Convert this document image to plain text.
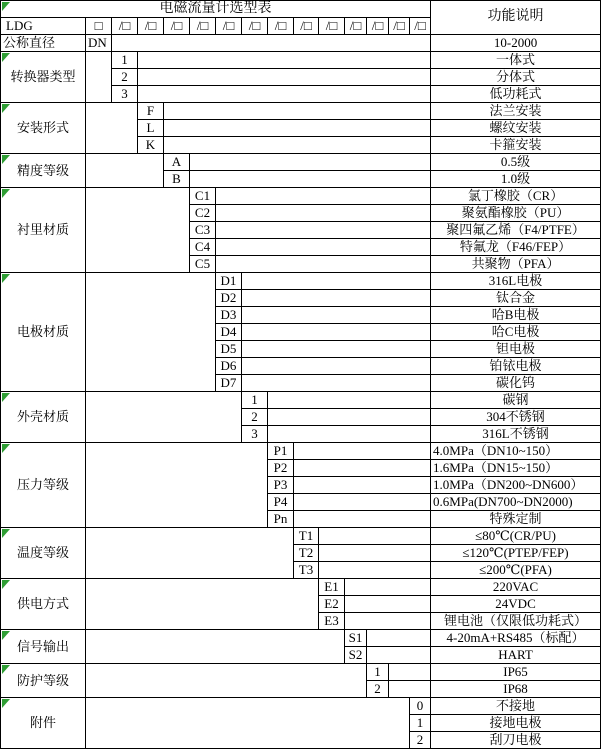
电磁流量计选型表															功能说明
LDG	□	/□	/□	/□	/□	/□	/□	/□	/□	/□	/□	/□	/□	/□	
公称直径	DN														10-2000

转换器类型		1													一体式
		2													分体式
		3													低功耗式

安装形式			F												法兰安装
			L												螺纹安装
			K												卡箍安装

精度等级				A											0.5级
				B											1.0级

衬里材质					C1										氯丁橡胶（CR）
					C2										聚氨酯橡胶（PU）
					C3										聚四氟乙烯（F4/PTFE）
					C4										特氟龙（F46/FEP）
					C5										共聚物（PFA）

电极材质						D1									316L电极
						D2									钛合金
						D3									哈B电极
						D4									哈C电极
						D5									钽电极
						D6									铂铱电极
						D7									碳化钨

外壳材质							1								碳钢
							2								304不锈钢
							3								316L不锈钢

压力等级								P1							4.0MPa（DN10~150）
								P2							1.6MPa（DN15~150）
								P3							1.0MPa（DN200~DN600）
								P4							0.6MPa(DN700~DN2000)
								Pn							特殊定制

温度等级									T1						≤80℃(CR/PU)
									T2						≤120℃(PTEP/FEP)
									T3						≤200℃(PFA)

供电方式										E1					220VAC
										E2					24VDC
										E3					锂电池（仅限低功耗式）

信号输出											S1				4-20mA+RS485（标配）
											S2				HART

防护等级												1			IP65
												2			IP68

附件														0	不接地
														1	接地电极
														2	刮刀电极
